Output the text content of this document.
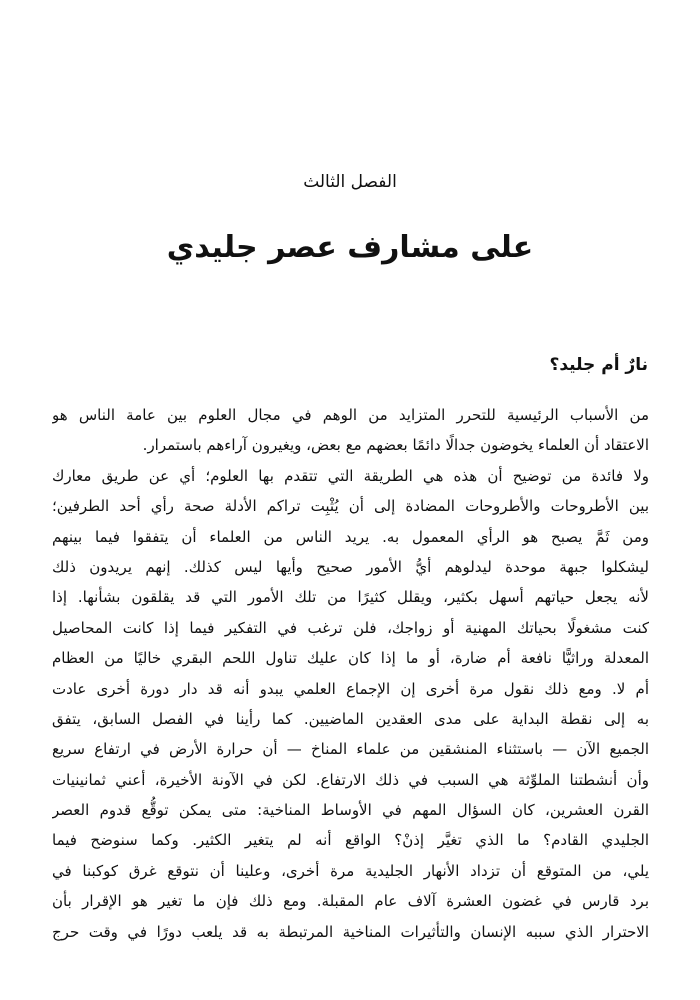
الفصل الثالث
على مشارف عصر جليدي
نارٌ أم جليد؟
من الأسباب الرئيسية للتحرر المتزايد من الوهم في مجال العلوم بين عامة الناس هو
الاعتقاد أن العلماء يخوضون جدالًا دائمًا بعضهم مع بعض، ويغيرون آراءهم باستمرار.
ولا فائدة من توضيح أن هذه هي الطريقة التي تتقدم بها العلوم؛ أي عن طريق معارك
بين الأطروحات والأطروحات المضادة إلى أن يُثْبِت تراكم الأدلة صحة رأي أحد الطرفين؛
ومن ثَمَّ يصبح هو الرأي المعمول به. يريد الناس من العلماء أن يتفقوا فيما بينهم
ليشكلوا جبهة موحدة ليدلوهم أيُّ الأمور صحيح وأيها ليس كذلك. إنهم يريدون ذلك
لأنه يجعل حياتهم أسهل بكثير، ويقلل كثيرًا من تلك الأمور التي قد يقلقون بشأنها. إذا
كنت مشغولًا بحياتك المهنية أو زواجك، فلن ترغب في التفكير فيما إذا كانت المحاصيل
المعدلة وراثيًّا نافعة أم ضارة، أو ما إذا كان عليك تناول اللحم البقري خاليًا من العظام
أم لا. ومع ذلك نقول مرة أخرى إن الإجماع العلمي يبدو أنه قد دار دورة أخرى عادت
به إلى نقطة البداية على مدى العقدين الماضيين. كما رأينا في الفصل السابق، يتفق
الجميع الآن — باستثناء المنشقين من علماء المناخ — أن حرارة الأرض في ارتفاع سريع
وأن أنشطتنا الملوِّثة هي السبب في ذلك الارتفاع. لكن في الآونة الأخيرة، أعني ثمانينيات
القرن العشرين، كان السؤال المهم في الأوساط المناخية: متى يمكن توقُّع قدوم العصر
الجليدي القادم؟ ما الذي تغيَّر إذنْ؟ الواقع أنه لم يتغير الكثير. وكما سنوضح فيما
يلي، من المتوقع أن تزداد الأنهار الجليدية مرة أخرى، وعلينا أن نتوقع غرق كوكبنا في
برد قارس في غضون العشرة آلاف عام المقبلة. ومع ذلك فإن ما تغير هو الإقرار بأن
الاحترار الذي سببه الإنسان والتأثيرات المناخية المرتبطة به قد يلعب دورًا في وقت حرج
